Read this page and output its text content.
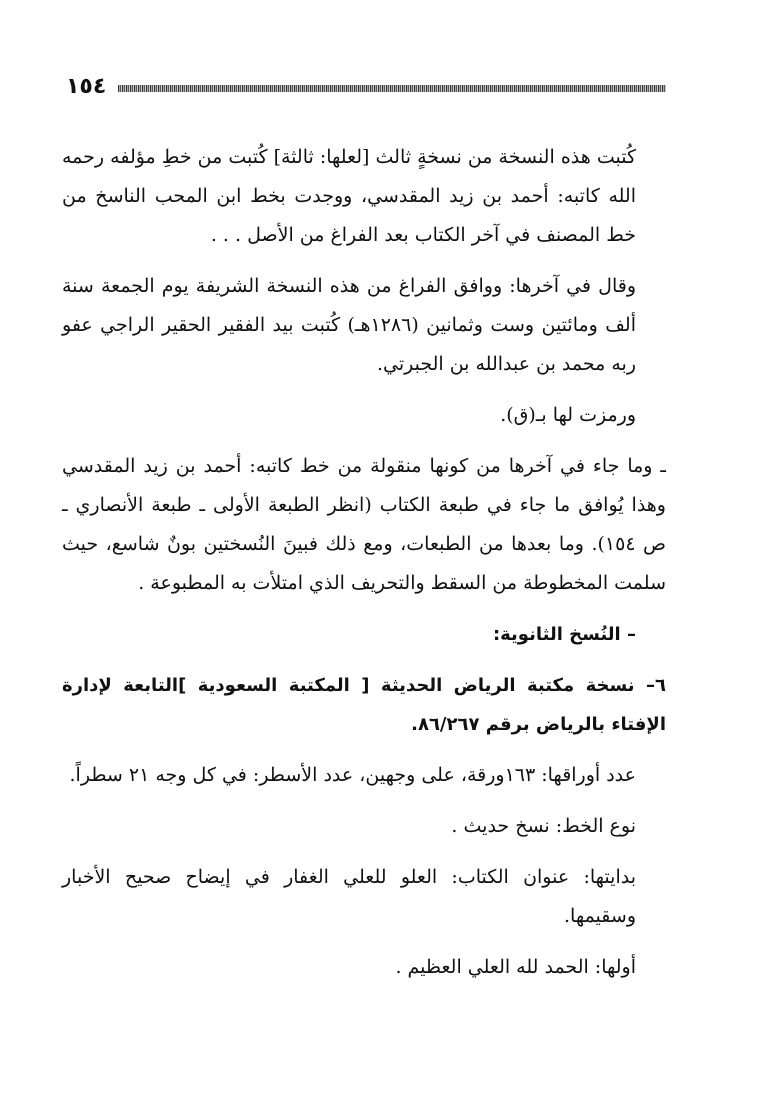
١٥٤

كُتبت هذه النسخة من نسخةٍ ثالث [لعلها: ثالثة] كُتبت من خطِ مؤلفه رحمه الله كاتبه: أحمد بن زيد المقدسي، ووجدت بخط ابن المحب الناسخ من خط المصنف في آخر الكتاب بعد الفراغ من الأصل . . .

وقال في آخرها: ووافق الفراغ من هذه النسخة الشريفة يوم الجمعة سنة ألف ومائتين وست وثمانين (١٢٨٦هـ) كُتبت بيد الفقير الحقير الراجي عفو ربه محمد بن عبدالله بن الجبرتي.

ورمزت لها بـ(ق).

ـ وما جاء في آخرها من كونها منقولة من خط كاتبه: أحمد بن زيد المقدسي وهذا يُوافق ما جاء في طبعة الكتاب (انظر الطبعة الأولى ـ طبعة الأنصاري ـ ص ١٥٤). وما بعدها من الطبعات، ومع ذلك فبينَ النُسختين بونٌ شاسع، حيث سلمت المخطوطة من السقط والتحريف الذي امتلأت به المطبوعة .

– النُسخ الثانوية:

٦– نسخة مكتبة الرياض الحديثة [ المكتبة السعودية ]التابعة لإدارة الإفتاء بالرياض برقم ٨٦/٢٦٧.

عدد أوراقها: ١٦٣ورقة، على وجهين، عدد الأسطر: في كل وجه ٢١ سطراً.

نوع الخط: نسخ حديث .

بدايتها: عنوان الكتاب: العلو للعلي الغفار في إيضاح صحيح الأخبار وسقيمها.

أولها: الحمد لله العلي العظيم .
